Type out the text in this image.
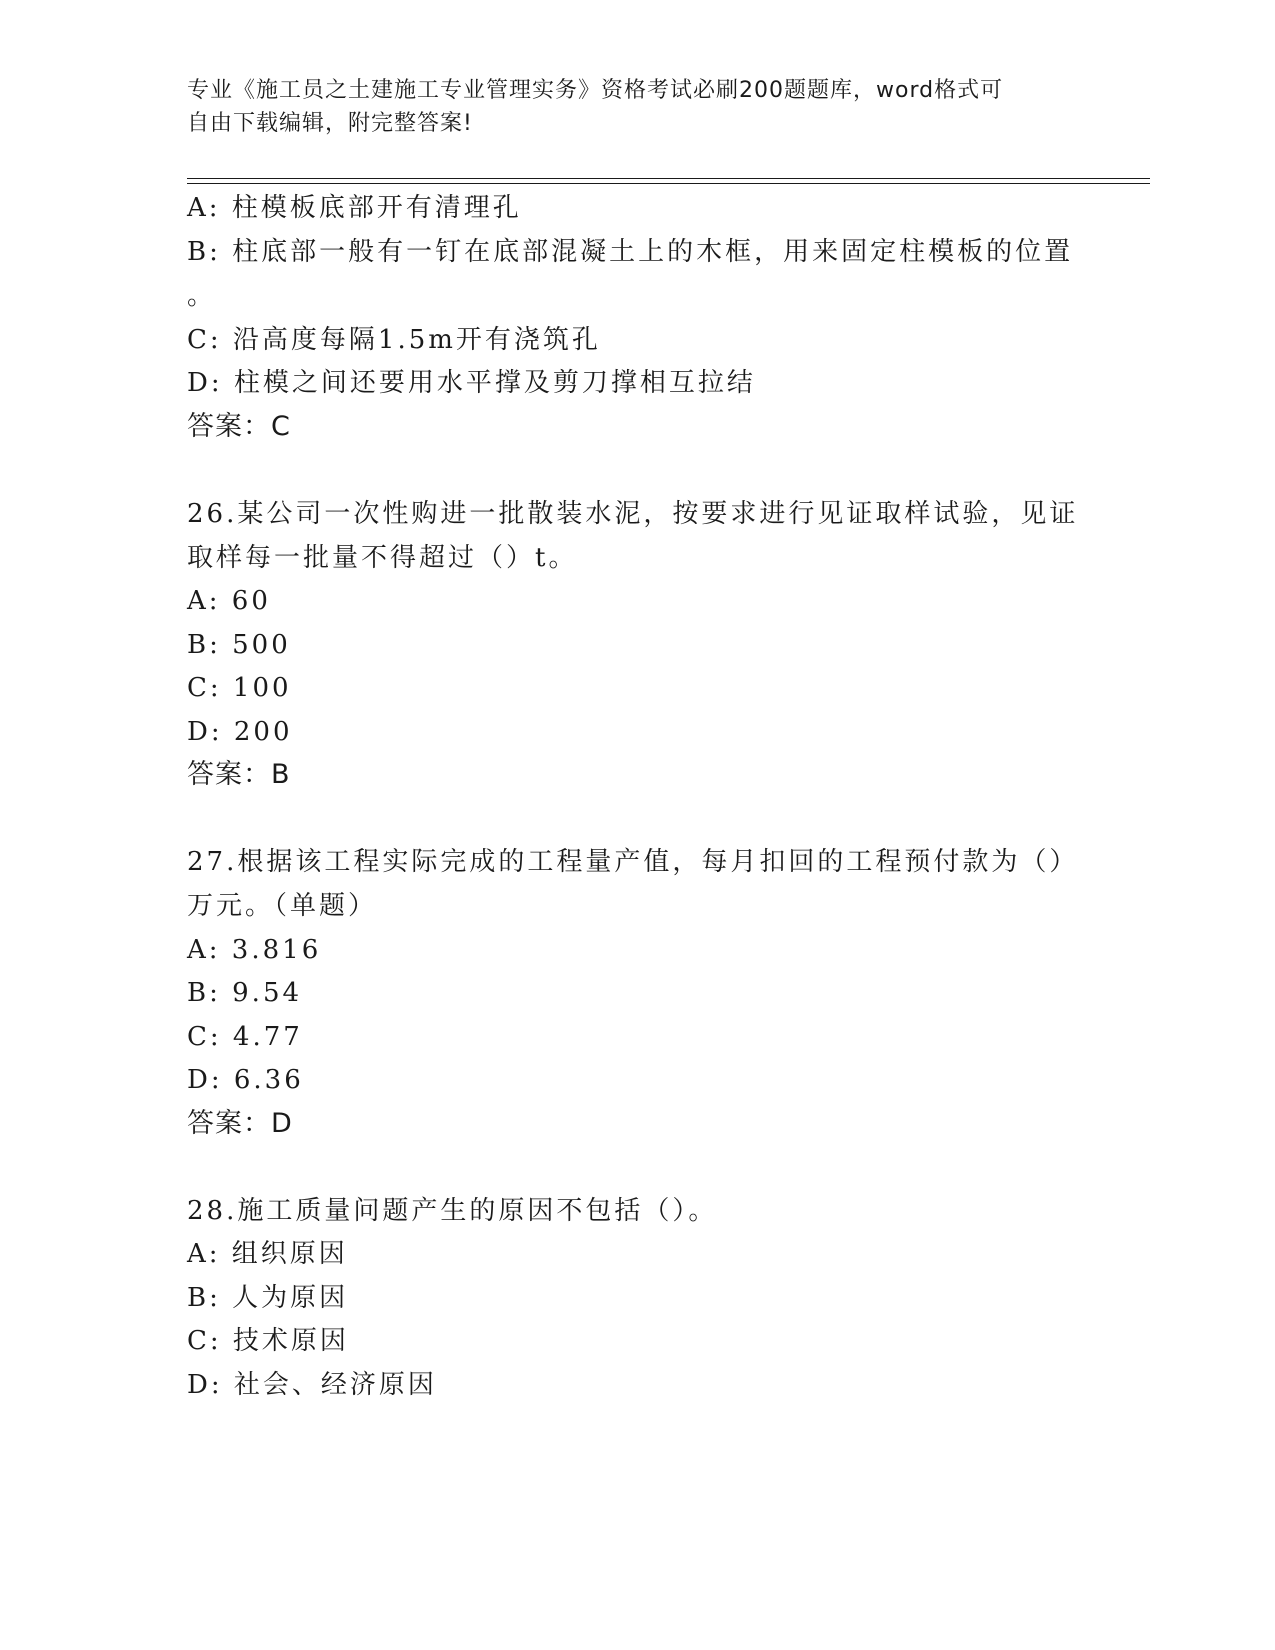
专业《施工员之土建施工专业管理实务》资格考试必刷200题题库，word格式可
自由下载编辑，附完整答案!
A: 柱模板底部开有清理孔
B: 柱底部一般有一钉在底部混凝土上的木框，用来固定柱模板的位置
。
C: 沿高度每隔1.5m开有浇筑孔
D: 柱模之间还要用水平撑及剪刀撑相互拉结
答案：C
26.某公司一次性购进一批散装水泥，按要求进行见证取样试验，见证
取样每一批量不得超过（）t。
A: 60
B: 500
C: 100
D: 200
答案：B
27.根据该工程实际完成的工程量产值，每月扣回的工程预付款为（）
万元。（单题）
A: 3.816
B: 9.54
C: 4.77
D: 6.36
答案：D
28.施工质量问题产生的原因不包括（）。
A: 组织原因
B: 人为原因
C: 技术原因
D: 社会、经济原因
